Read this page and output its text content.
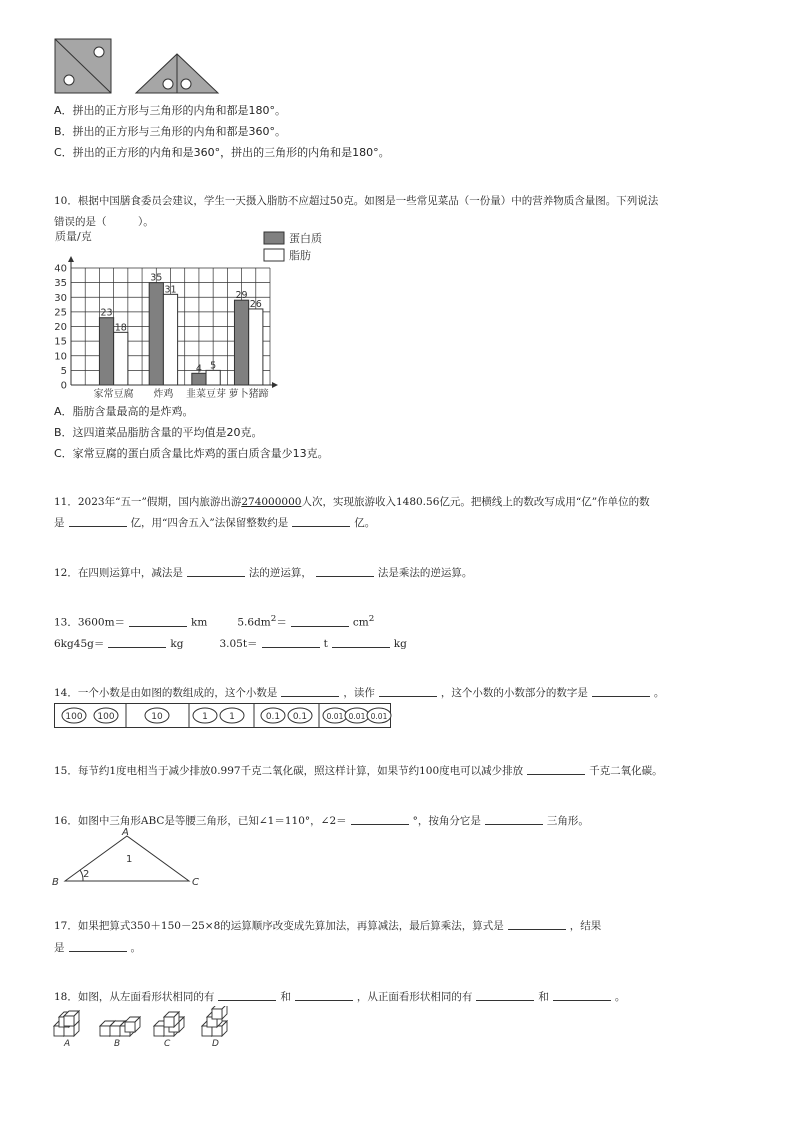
A．拼出的正方形与三角形的内角和都是180°。
B．拼出的正方形与三角形的内角和都是360°。
C．拼出的正方形的内角和是360°，拼出的三角形的内角和是180°。
10．根据中国膳食委员会建议，学生一天摄入脂肪不应超过50克。如图是一些常见菜品（一份量）中的营养物质含量图。下列说法
错误的是（　　　）。
质量/克
0
5
10
15
20
25
30
35
40
23
18
35
31
4 5
29
26
家常豆腐 炸鸡 韭菜豆芽 萝卜猪蹄
蛋白质
脂肪
A．脂肪含量最高的是炸鸡。
B．这四道菜品脂肪含量的平均值是20克。
C．家常豆腐的蛋白质含量比炸鸡的蛋白质含量少13克。
11．2023年“五一”假期，国内旅游出游274000000人次，实现旅游收入1480.56亿元。把横线上的数改写成用“亿”作单位的数
是	亿，用“四舍五入”法保留整数约是	亿。
12．在四则运算中，减法是	法的逆运算，	法是乘法的逆运算。
13．3600m＝	km	$5.6dm^2=$	$cm^2$
6kg45g＝	kg	3.05t＝	t	kg
14．一个小数是由如图的数组成的，这个小数是	，读作	，这个小数的小数部分的数字是	。
100 100	10	1 1	0.1 0.1	0.01 0.01 0.01
15．每节约1度电相当于减少排放0.997千克二氧化碳，照这样计算，如果节约100度电可以减少排放	千克二氧化碳。
16．如图中三角形ABC是等腰三角形，已知∠1＝110°，∠2＝	°，按角分它是	三角形。
A
B	C
1
2
17．如果把算式350＋150－25×8的运算顺序改变成先算加法，再算减法，最后算乘法，算式是	，结果
是	。
18．如图，从左面看形状相同的有	和	，从正面看形状相同的有	和	。
A	B	C	D
